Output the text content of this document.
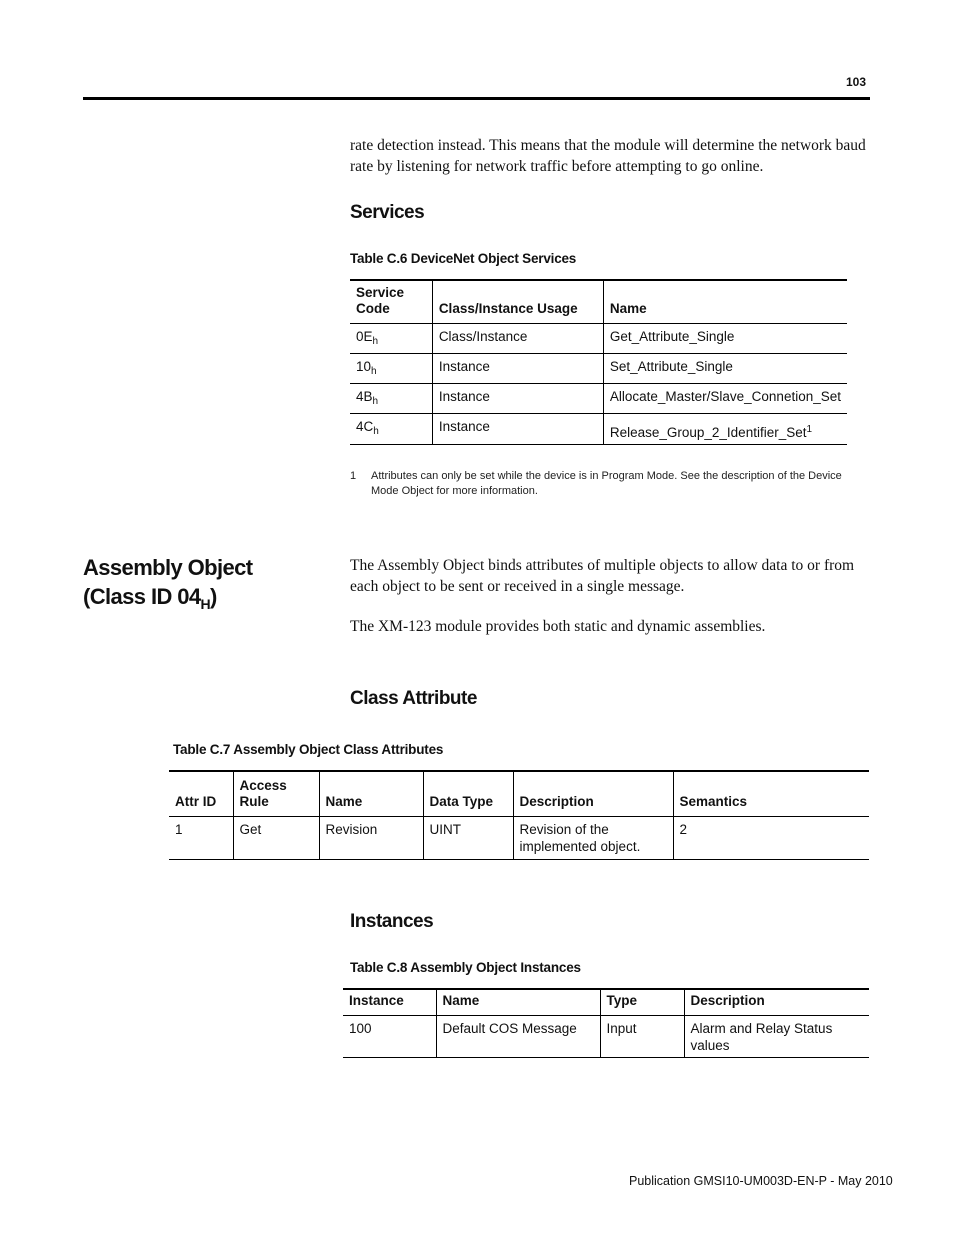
103
rate detection instead. This means that the module will determine the network baud rate by listening for network traffic before attempting to go online.
Services
Table C.6 DeviceNet Object Services
Service Code	Class/Instance Usage	Name
$0E_h$	Class/Instance	Get_Attribute_Single
$10_h$	Instance	Set_Attribute_Single
$4B_h$	Instance	Allocate_Master/Slave_Connetion_Set
$4C_h$	Instance	Release_Group_2_Identifier_Set$^1$
1 Attributes can only be set while the device is in Program Mode. See the description of the Device Mode Object for more information.
Assembly Object
(Class ID $04_H$)
The Assembly Object binds attributes of multiple objects to allow data to or from each object to be sent or received in a single message.
The XM-123 module provides both static and dynamic assemblies.
Class Attribute
Table C.7 Assembly Object Class Attributes
Attr ID	Access Rule	Name	Data Type	Description	Semantics
1	Get	Revision	UINT	Revision of the implemented object.	2
Instances
Table C.8 Assembly Object Instances
Instance	Name	Type	Description
100	Default COS Message	Input	Alarm and Relay Status values
Publication GMSI10-UM003D-EN-P - May 2010
